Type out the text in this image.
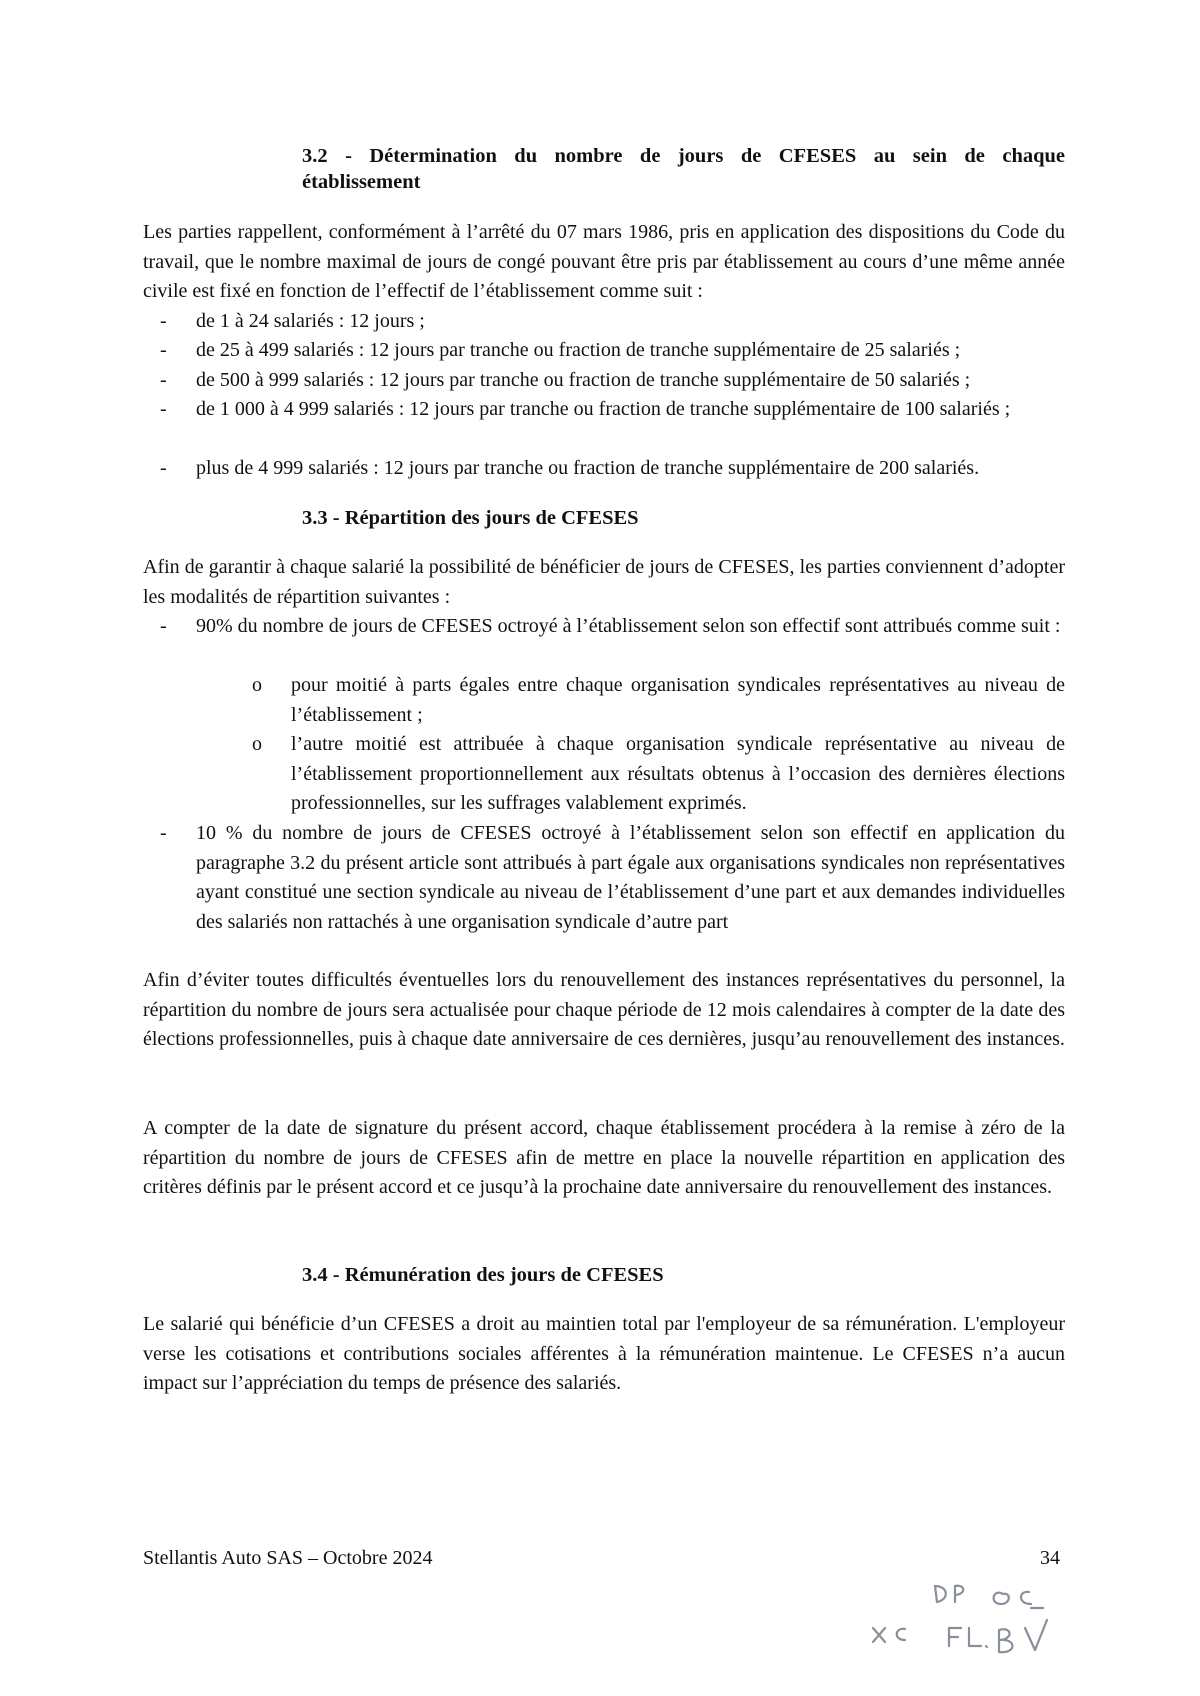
3.2 - Détermination du nombre de jours de CFESES au sein de chaque
établissement
Les parties rappellent, conformément à l’arrêté du 07 mars 1986, pris en application des dispositions du Code du travail, que le nombre maximal de jours de congé pouvant être pris par établissement au cours d’une même année civile est fixé en fonction de l’effectif de l’établissement comme suit :
- de 1 à 24 salariés : 12 jours ;
- de 25 à 499 salariés : 12 jours par tranche ou fraction de tranche supplémentaire de 25 salariés ;
- de 500 à 999 salariés : 12 jours par tranche ou fraction de tranche supplémentaire de 50 salariés ;
- de 1 000 à 4 999 salariés : 12 jours par tranche ou fraction de tranche supplémentaire de 100 salariés ;
- plus de 4 999 salariés : 12 jours par tranche ou fraction de tranche supplémentaire de 200 salariés.
3.3 - Répartition des jours de CFESES
Afin de garantir à chaque salarié la possibilité de bénéficier de jours de CFESES, les parties conviennent d’adopter les modalités de répartition suivantes :
- 90% du nombre de jours de CFESES octroyé à l’établissement selon son effectif sont attribués comme suit :
o pour moitié à parts égales entre chaque organisation syndicales représentatives au niveau de l’établissement ;
o l’autre moitié est attribuée à chaque organisation syndicale représentative au niveau de l’établissement proportionnellement aux résultats obtenus à l’occasion des dernières élections professionnelles, sur les suffrages valablement exprimés.
- 10 % du nombre de jours de CFESES octroyé à l’établissement selon son effectif en application du paragraphe 3.2 du présent article sont attribués à part égale aux organisations syndicales non représentatives ayant constitué une section syndicale au niveau de l’établissement d’une part et aux demandes individuelles des salariés non rattachés à une organisation syndicale d’autre part
Afin d’éviter toutes difficultés éventuelles lors du renouvellement des instances représentatives du personnel, la répartition du nombre de jours sera actualisée pour chaque période de 12 mois calendaires à compter de la date des élections professionnelles, puis à chaque date anniversaire de ces dernières, jusqu’au renouvellement des instances.
A compter de la date de signature du présent accord, chaque établissement procédera à la remise à zéro de la répartition du nombre de jours de CFESES afin de mettre en place la nouvelle répartition en application des critères définis par le présent accord et ce jusqu’à la prochaine date anniversaire du renouvellement des instances.
3.4 - Rémunération des jours de CFESES
Le salarié qui bénéficie d’un CFESES a droit au maintien total par l'employeur de sa rémunération. L'employeur verse les cotisations et contributions sociales afférentes à la rémunération maintenue. Le CFESES n’a aucun impact sur l’appréciation du temps de présence des salariés.
Stellantis Auto SAS – Octobre 2024	34
